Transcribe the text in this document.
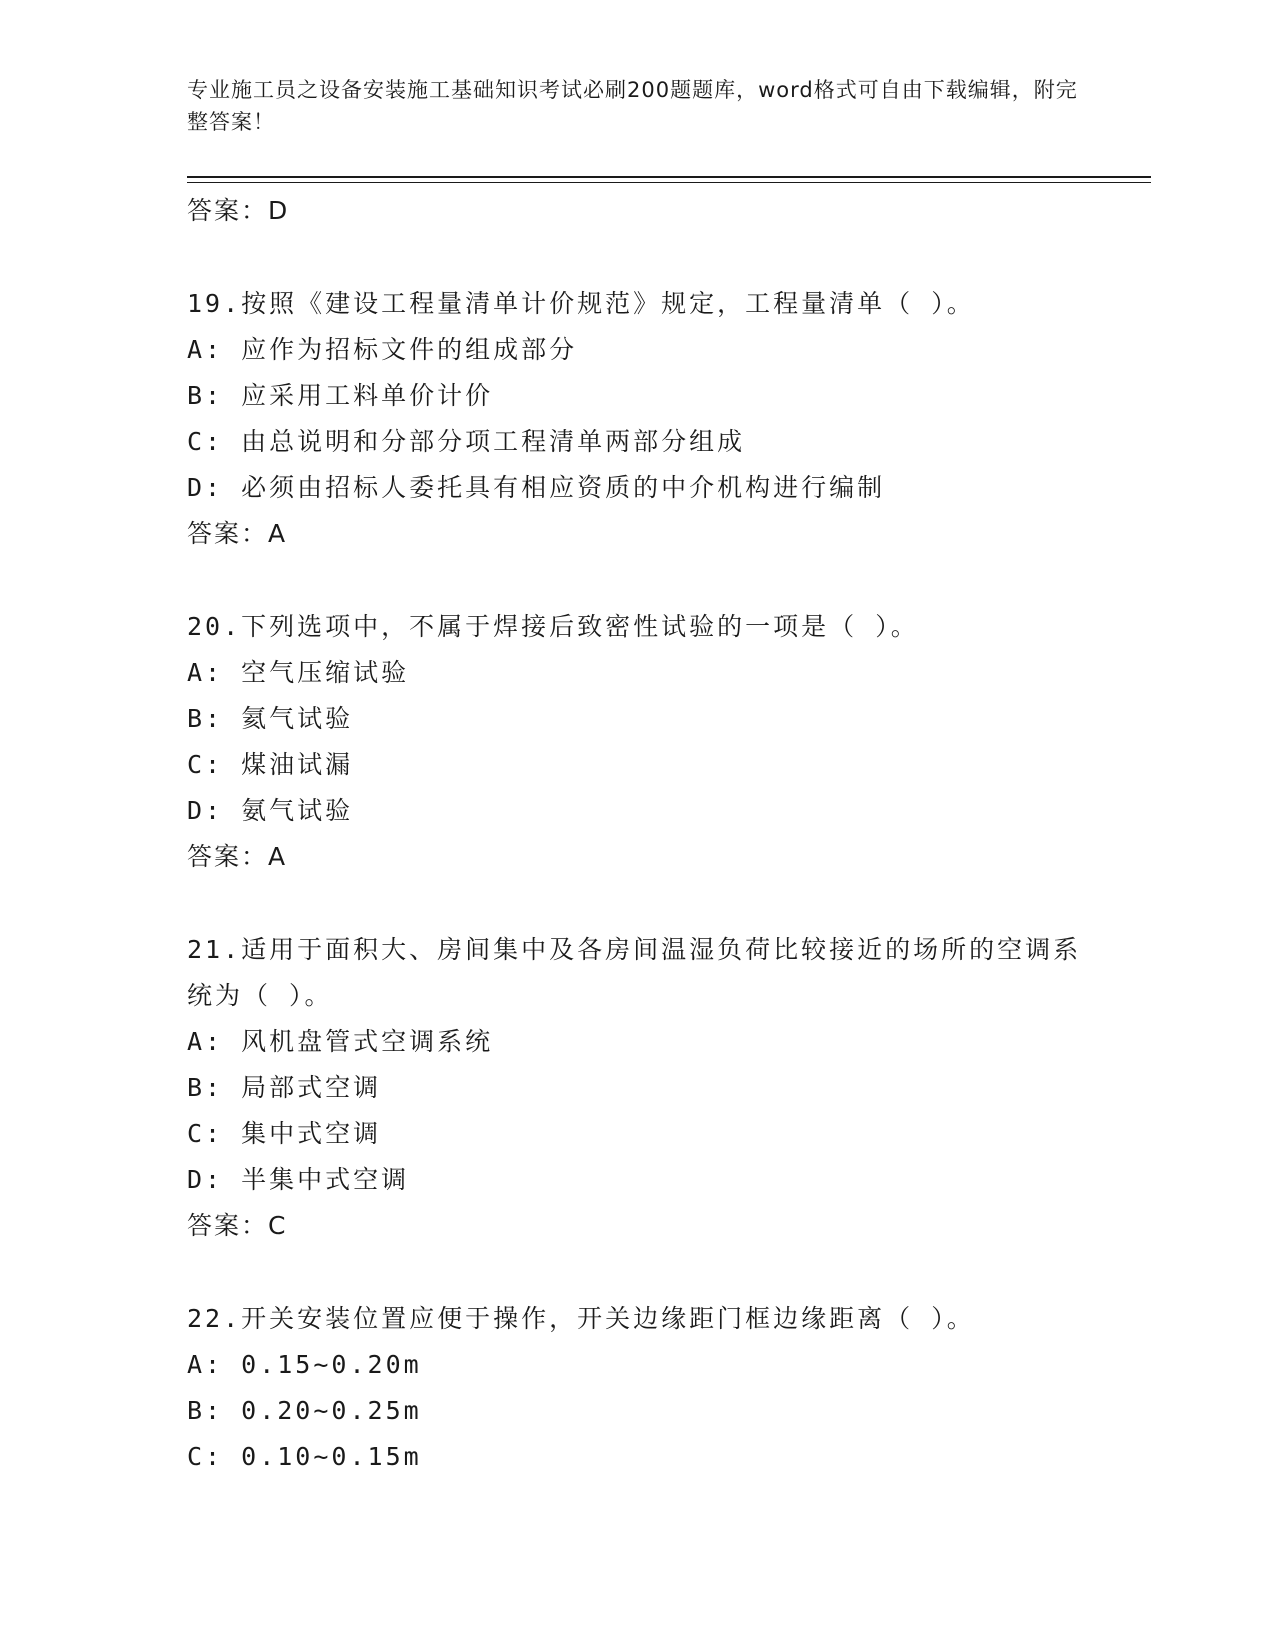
专业施工员之设备安装施工基础知识考试必刷200题题库，word格式可自由下载编辑，附完整答案！
答案：D
19.按照《建设工程量清单计价规范》规定，工程量清单（ ）。
A: 应作为招标文件的组成部分
B: 应采用工料单价计价
C: 由总说明和分部分项工程清单两部分组成
D: 必须由招标人委托具有相应资质的中介机构进行编制
答案：A
20.下列选项中，不属于焊接后致密性试验的一项是（ ）。
A: 空气压缩试验
B: 氦气试验
C: 煤油试漏
D: 氨气试验
答案：A
21.适用于面积大、房间集中及各房间温湿负荷比较接近的场所的空调系统为（ ）。
A: 风机盘管式空调系统
B: 局部式空调
C: 集中式空调
D: 半集中式空调
答案：C
22.开关安装位置应便于操作，开关边缘距门框边缘距离（ ）。
A: 0.15~0.20m
B: 0.20~0.25m
C: 0.10~0.15m
